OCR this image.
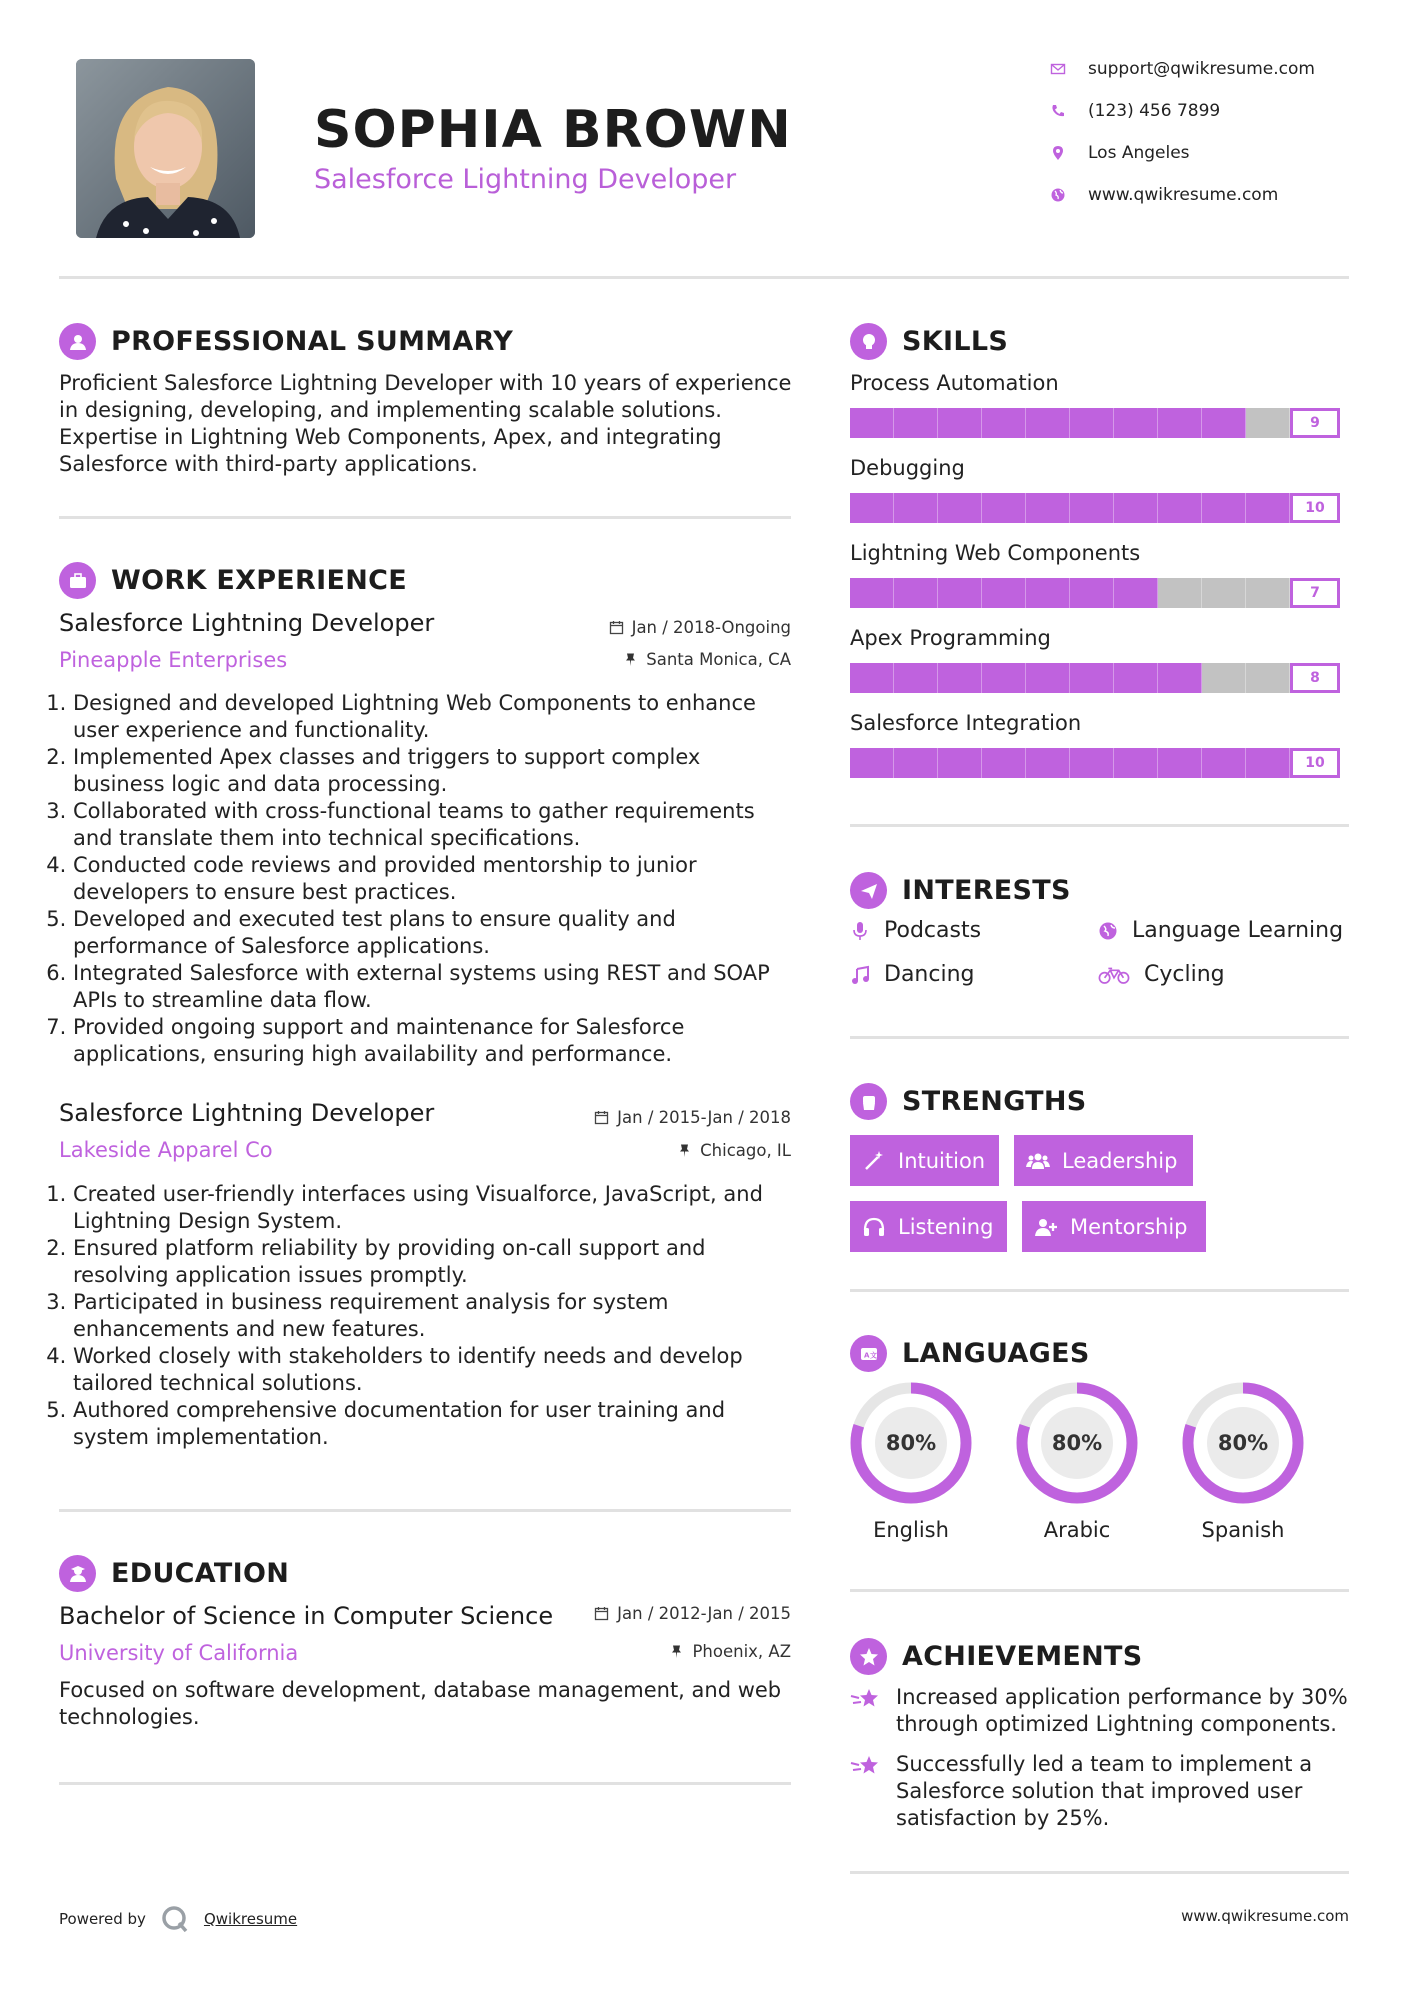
SOPHIA BROWN
Salesforce Lightning Developer
support@qwikresume.com
(123) 456 7899
Los Angeles
www.qwikresume.com
PROFESSIONAL SUMMARY
Proficient Salesforce Lightning Developer with 10 years of experience in designing, developing, and implementing scalable solutions. Expertise in Lightning Web Components, Apex, and integrating Salesforce with third-party applications.
WORK EXPERIENCE
Salesforce Lightning Developer	Jan / 2018-Ongoing
Pineapple Enterprises	Santa Monica, CA
1. Designed and developed Lightning Web Components to enhance user experience and functionality.
2. Implemented Apex classes and triggers to support complex business logic and data processing.
3. Collaborated with cross-functional teams to gather requirements and translate them into technical specifications.
4. Conducted code reviews and provided mentorship to junior developers to ensure best practices.
5. Developed and executed test plans to ensure quality and performance of Salesforce applications.
6. Integrated Salesforce with external systems using REST and SOAP APIs to streamline data flow.
7. Provided ongoing support and maintenance for Salesforce applications, ensuring high availability and performance.
Salesforce Lightning Developer	Jan / 2015-Jan / 2018
Lakeside Apparel Co	Chicago, IL
1. Created user-friendly interfaces using Visualforce, JavaScript, and Lightning Design System.
2. Ensured platform reliability by providing on-call support and resolving application issues promptly.
3. Participated in business requirement analysis for system enhancements and new features.
4. Worked closely with stakeholders to identify needs and develop tailored technical solutions.
5. Authored comprehensive documentation for user training and system implementation.
EDUCATION
Bachelor of Science in Computer Science	Jan / 2012-Jan / 2015
University of California	Phoenix, AZ
Focused on software development, database management, and web technologies.
SKILLS
Process Automation
9
Debugging
10
Lightning Web Components
7
Apex Programming
8
Salesforce Integration
10
INTERESTS
Podcasts	Language Learning
Dancing	Cycling
STRENGTHS
Intuition	Leadership
Listening	Mentorship
A 文 LANGUAGES
80%
English
80%
Arabic
80%
Spanish
ACHIEVEMENTS
Increased application performance by 30% through optimized Lightning components.
Successfully led a team to implement a Salesforce solution that improved user satisfaction by 25%.
Powered by	Qwikresume	www.qwikresume.com
